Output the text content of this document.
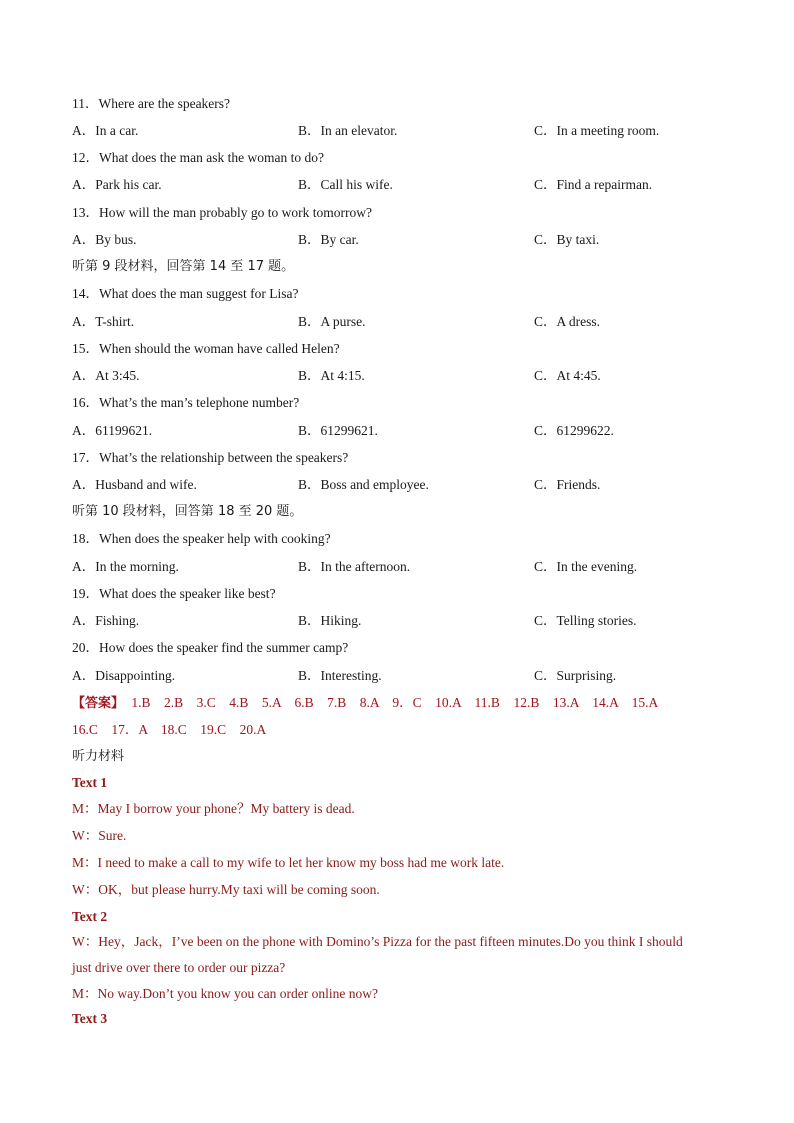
11．Where are the speakers?
A．In a car.	B．In an elevator.	C．In a meeting room.
12．What does the man ask the woman to do?
A．Park his car.	B．Call his wife.	C．Find a repairman.
13．How will the man probably go to work tomorrow?
A．By bus.	B．By car.	C．By taxi.
听第 9 段材料，回答第 14 至 17 题。
14．What does the man suggest for Lisa?
A．T-shirt.	B．A purse.	C．A dress.
15．When should the woman have called Helen?
A．At 3:45.	B．At 4:15.	C．At 4:45.
16．What’s the man’s telephone number?
A．61199621.	B．61299621.	C．61299622.
17．What’s the relationship between the speakers?
A．Husband and wife.	B．Boss and employee.	C．Friends.
听第 10 段材料，回答第 18 至 20 题。
18．When does the speaker help with cooking?
A．In the morning.	B．In the afternoon.	C．In the evening.
19．What does the speaker like best?
A．Fishing.	B．Hiking.	C．Telling stories.
20．How does the speaker find the summer camp?
A．Disappointing.	B．Interesting.	C．Surprising.
【答案】 1.B　2.B　3.C　4.B　5.A　6.B　7.B　8.A　9．C　10.A　11.B　12.B　13.A　14.A　15.A
16.C　17．A　18.C　19.C　20.A
听力材料
Text 1
M：May I borrow your phone？My battery is dead.
W：Sure.
M：I need to make a call to my wife to let her know my boss had me work late.
W：OK，but please hurry.My taxi will be coming soon.
Text 2
W：Hey，Jack，I’ve been on the phone with Domino’s Pizza for the past fifteen minutes.Do you think I should
just drive over there to order our pizza?
M：No way.Don’t you know you can order online now?
Text 3
